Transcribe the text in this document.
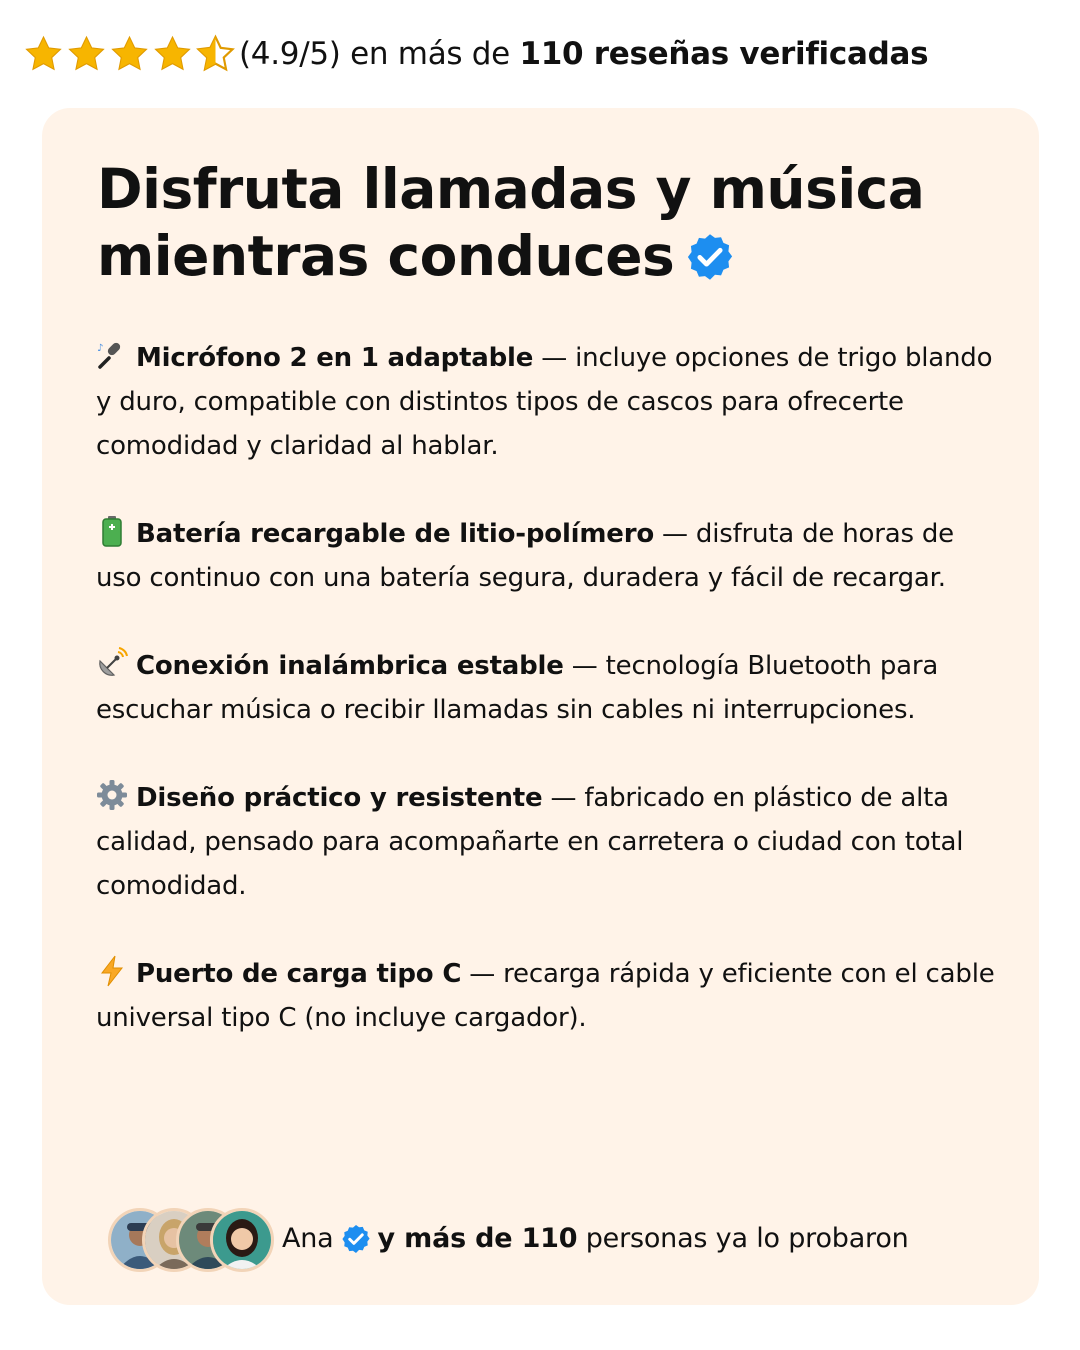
(4.9/5) en más de 110 reseñas verificadas
Disfruta llamadas y música
mientras conduces
♪ Micrófono 2 en 1 adaptable — incluye opciones de trigo blando y duro, compatible con distintos tipos de cascos para ofrecerte comodidad y claridad al hablar.
Batería recargable de litio-polímero — disfruta de horas de uso continuo con una batería segura, duradera y fácil de recargar.
Conexión inalámbrica estable — tecnología Bluetooth para escuchar música o recibir llamadas sin cables ni interrupciones.
Diseño práctico y resistente — fabricado en plástico de alta calidad, pensado para acompañarte en carretera o ciudad con total comodidad.
Puerto de carga tipo C — recarga rápida y eficiente con el cable universal tipo C (no incluye cargador).
Ana y más de 110 personas ya lo probaron
